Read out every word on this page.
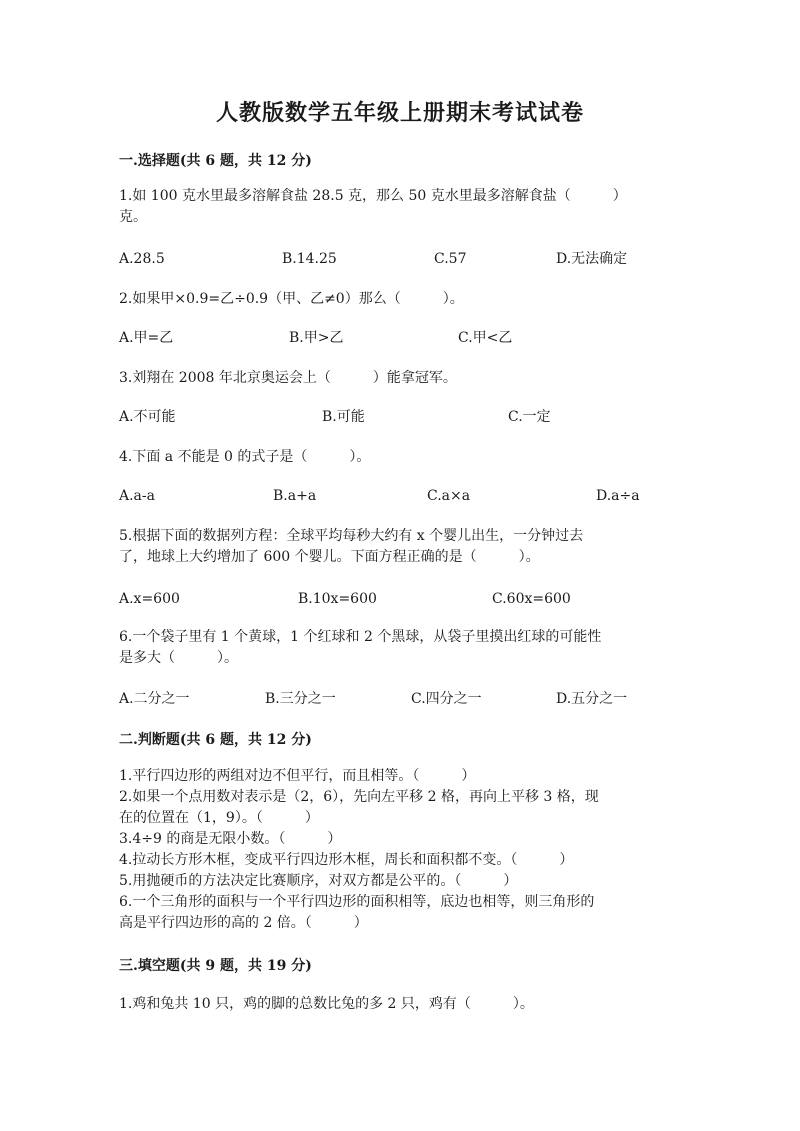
人教版数学五年级上册期末考试试卷
一.选择题(共 6 题，共 12 分)
1.如 100 克水里最多溶解食盐 28.5 克，那么 50 克水里最多溶解食盐（　　　）
克。
A.28.5	B.14.25	C.57	D.无法确定
2.如果甲×0.9=乙÷0.9（甲、乙≠0）那么（　　　）。
A.甲=乙	B.甲>乙	C.甲<乙
3.刘翔在 2008 年北京奥运会上（　　　）能拿冠军。
A.不可能	B.可能	C.一定
4.下面 a 不能是 0 的式子是（　　　）。
A.a-a	B.a+a	C.a×a	D.a÷a
5.根据下面的数据列方程：全球平均每秒大约有 x 个婴儿出生，一分钟过去
了，地球上大约增加了 600 个婴儿。下面方程正确的是（　　　）。
A.x=600	B.10x=600	C.60x=600
6.一个袋子里有 1 个黄球，1 个红球和 2 个黑球，从袋子里摸出红球的可能性
是多大（　　　）。
A.二分之一	B.三分之一	C.四分之一	D.五分之一
二.判断题(共 6 题，共 12 分)
1.平行四边形的两组对边不但平行，而且相等。（　　　）
2.如果一个点用数对表示是（2，6），先向左平移 2 格，再向上平移 3 格，现
在的位置在（1，9）。（　　　）
3.4÷9 的商是无限小数。（　　　）
4.拉动长方形木框，变成平行四边形木框，周长和面积都不变。（　　　）
5.用抛硬币的方法决定比赛顺序，对双方都是公平的。（　　　）
6.一个三角形的面积与一个平行四边形的面积相等，底边也相等，则三角形的
高是平行四边形的高的 2 倍。（　　　）
三.填空题(共 9 题，共 19 分)
1.鸡和兔共 10 只，鸡的脚的总数比兔的多 2 只，鸡有（　　　）。
